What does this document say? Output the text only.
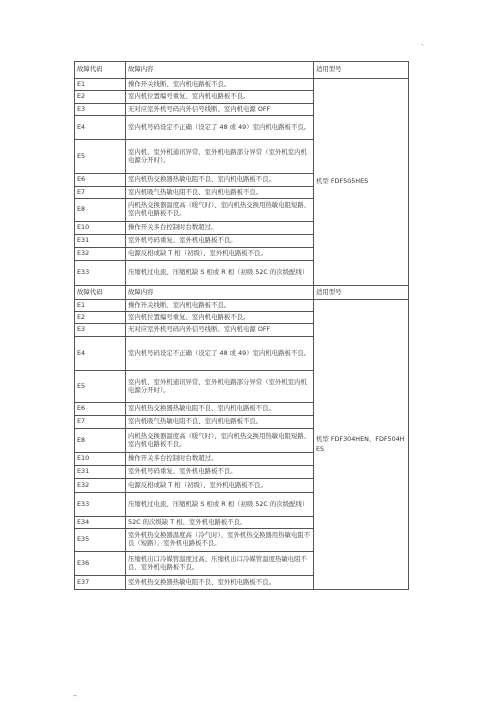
.
故障代码	故障内容	适用型号
E1	操作开关线断、室内机电路板不良。	机型 FDF505HES
E2	室内机位置编号重复、室内机电路板不良。	
E3	无对应室外机号码内外信号线断、室内机电源 OFF	
E4	室内机号码设定不正确（设定了 48 或 49）室内机电路板不良。	
E5	室内机、室外机通讯异常、室外机电路部分异常（室外机室内机电源分开时）。	
E6	室内机热交换器热敏电阻不良、室内机电路板不良。	
E7	室内机吸气热敏电阻不良、室内机电路板不良。	
E8	内机热交换器温度高（暖气时）、室内机热交换用热敏电阻短路、室内机电路板不良。	
E10	操作开关多台控制时台数超过。	
E31	室外机号码重复、室外机电路板不良。	
E32	电源反相或缺 T 相（初级）、室外机电路板不良。	
E33	压缩机过电流、压缩机缺 S 相或 R 相（初级 52C 的次级配线）	
故障代码	故障内容	适用型号
E1	操作开关线断、室内机电路板不良。	机型 FDF304HEN、FDF504HES
E2	室内机位置编号重复、室内机电路板不良。	
E3	无对应室外机号码内外信号线断、室内机电源 OFF	
E4	室内机号码设定不正确（设定了 48 或 49）室内机电路板不良。	
E5	室内机、室外机通讯异常、室外机电路部分异常（室外机室内机电源分开时）。	
E6	室内机热交换器热敏电阻不良、室内机电路板不良。	
E7	室内机吸气热敏电阻不良、室内机电路板不良。	
E8	内机热交换器温度高（暖气时）、室内机热交换用热敏电阻短路、室内机电路板不良。	
E10	操作开关多台控制时台数超过。	
E31	室外机号码重复、室外机电路板不良。	
E32	电源反相或缺 T 相（初级）、室外机电路板不良。	
E33	压缩机过电流、压缩机缺 S 相或 R 相（初级 52C 的次级配线）	
E34	52C 的次级缺 T 相、室外机电路板不良。	
E35	室外机热交换器温度高（冷气时）、室外机热交换器用热敏电阻不良（短路）、室外机电路板不良。	
E36	压缩机出口冷媒管温度过高、压缩机出口冷媒管温度热敏电阻不良、室外机电路板不良。	
E37	室外机热交换器热敏电阻不良、室外机电路板不良。	
–
